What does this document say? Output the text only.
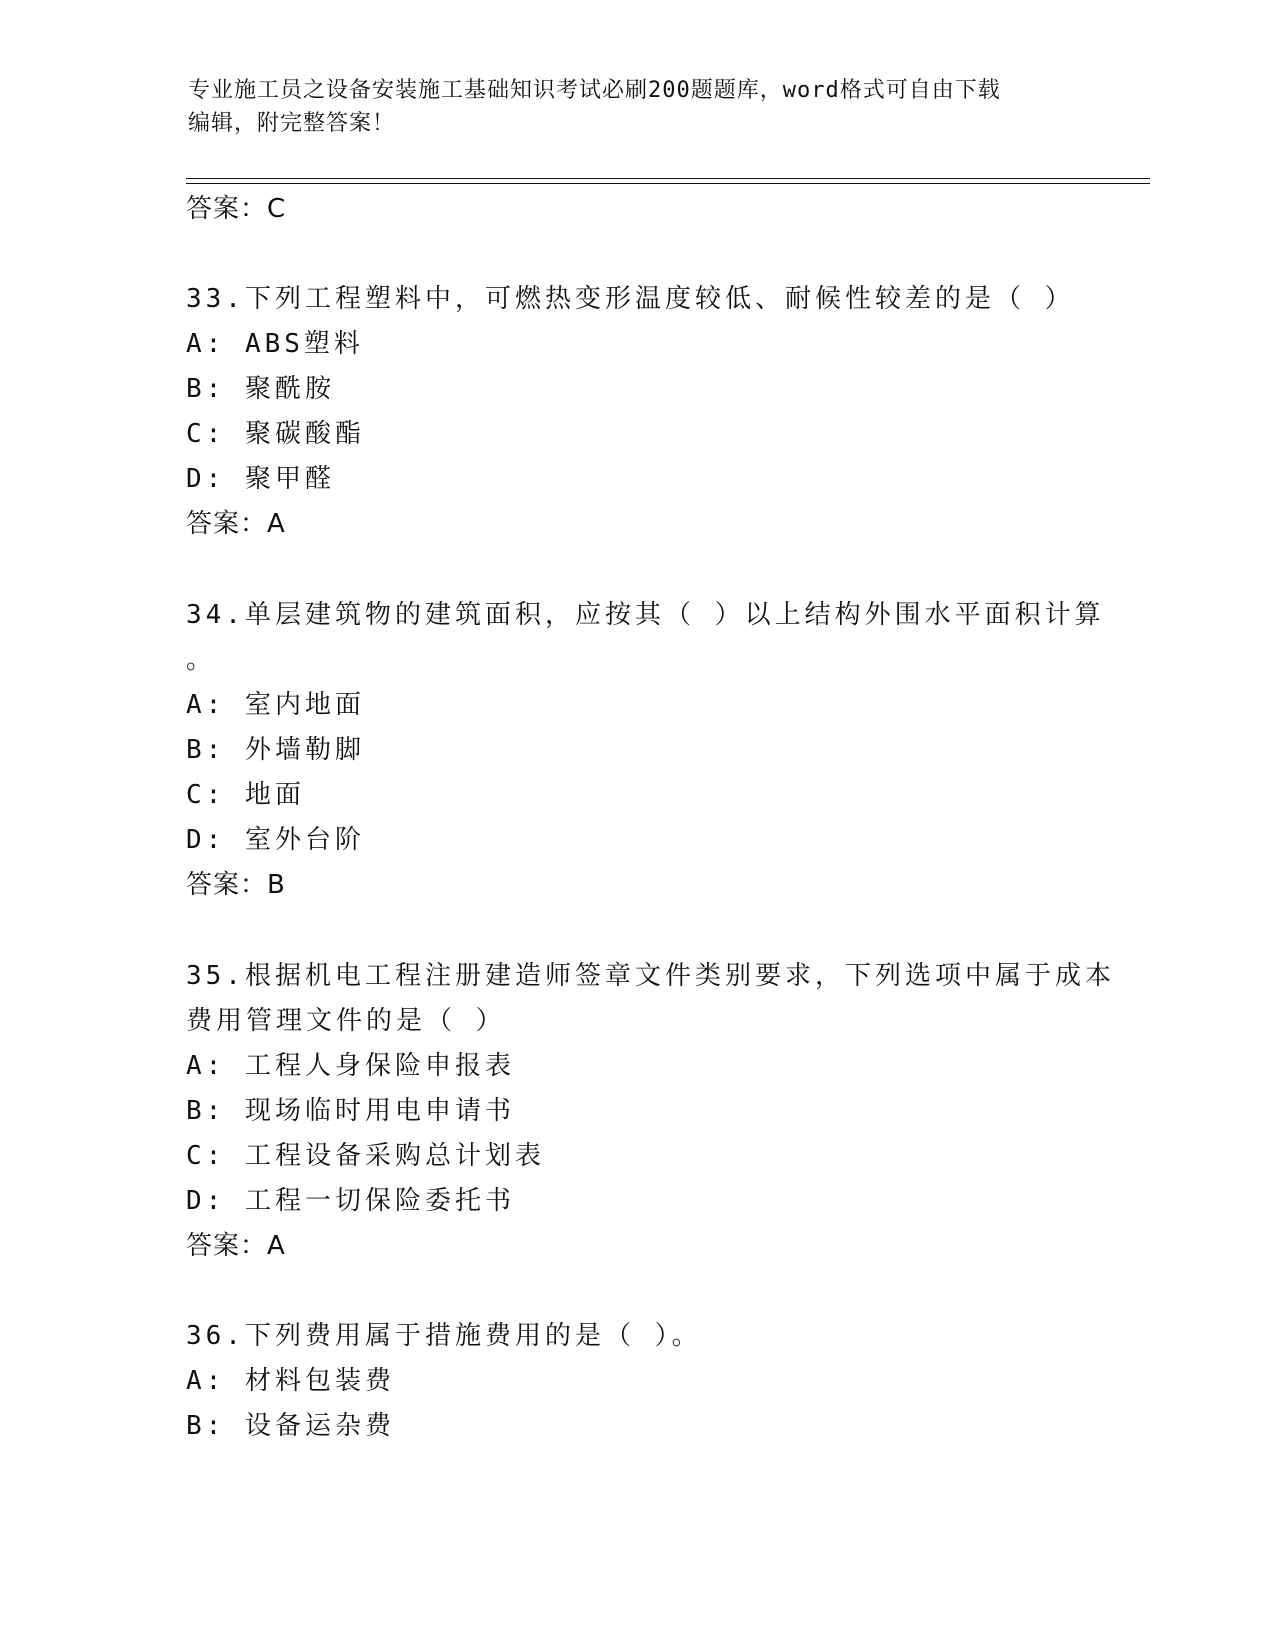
专业施工员之设备安装施工基础知识考试必刷200题题库，word格式可自由下载
编辑，附完整答案！
答案：C
33.下列工程塑料中，可燃热变形温度较低、耐候性较差的是（ ）
A: ABS塑料
B: 聚酰胺
C: 聚碳酸酯
D: 聚甲醛
答案：A
34.单层建筑物的建筑面积，应按其（ ）以上结构外围水平面积计算
。
A: 室内地面
B: 外墙勒脚
C: 地面
D: 室外台阶
答案：B
35.根据机电工程注册建造师签章文件类别要求，下列选项中属于成本
费用管理文件的是（ ）
A: 工程人身保险申报表
B: 现场临时用电申请书
C: 工程设备采购总计划表
D: 工程一切保险委托书
答案：A
36.下列费用属于措施费用的是（ ）。
A: 材料包装费
B: 设备运杂费
